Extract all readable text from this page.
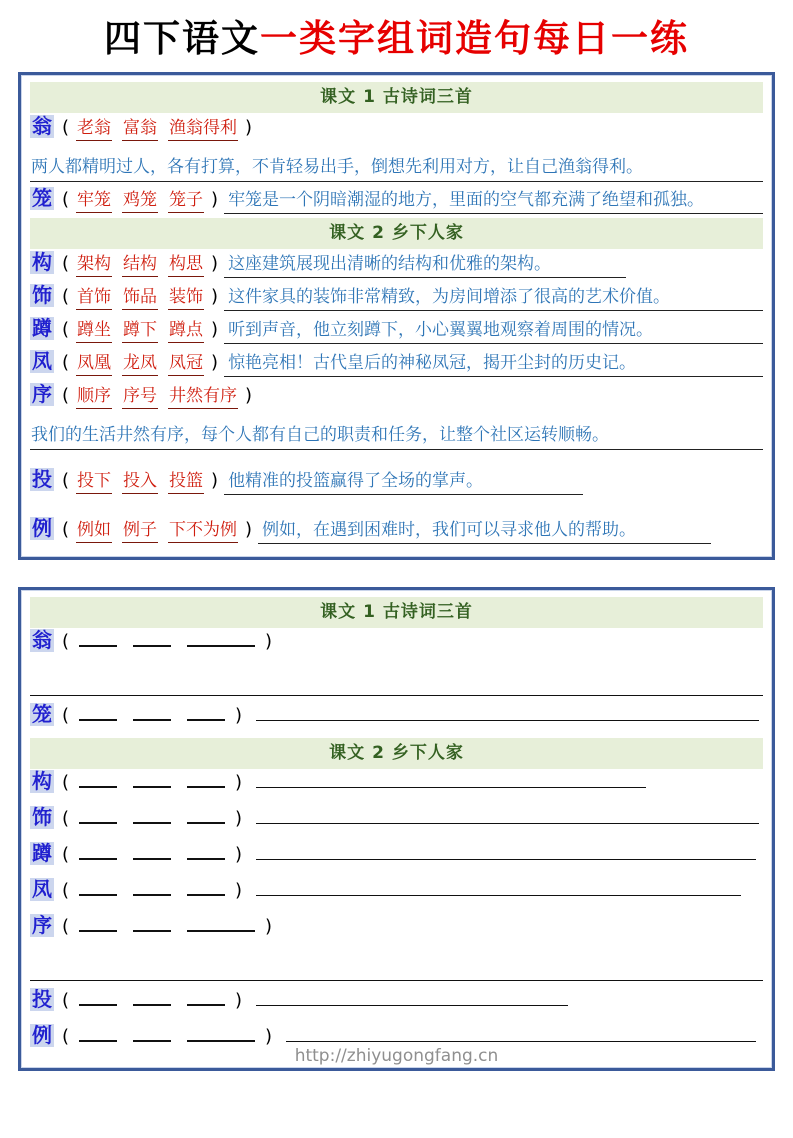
四下语文一类字组词造句每日一练
课文 1 古诗词三首
翁 ( 老翁 富翁 渔翁得利 )
两人都精明过人，各有打算，不肯轻易出手，倒想先利用对方，让自己渔翁得利。
笼 ( 牢笼 鸡笼 笼子 ) 牢笼是一个阴暗潮湿的地方，里面的空气都充满了绝望和孤独。
课文 2 乡下人家
构 ( 架构 结构 构思 ) 这座建筑展现出清晰的结构和优雅的架构。
饰 ( 首饰 饰品 装饰 ) 这件家具的装饰非常精致，为房间增添了很高的艺术价值。
蹲 ( 蹲坐 蹲下 蹲点 ) 听到声音，他立刻蹲下，小心翼翼地观察着周围的情况。
凤 ( 凤凰 龙凤 凤冠 ) 惊艳亮相！古代皇后的神秘凤冠，揭开尘封的历史记。
序 ( 顺序 序号 井然有序 )
我们的生活井然有序，每个人都有自己的职责和任务，让整个社区运转顺畅。
投 ( 投下 投入 投篮 ) 他精准的投篮赢得了全场的掌声。
例 ( 例如 例子 下不为例 ) 例如，在遇到困难时，我们可以寻求他人的帮助。
课文 1 古诗词三首
翁 (	)
笼 (	)
课文 2 乡下人家
构 (	)
饰 (	)
蹲 (	)
凤 (	)
序 (	)
投 (	)
例 (	)
http://zhiyugongfang.cn
